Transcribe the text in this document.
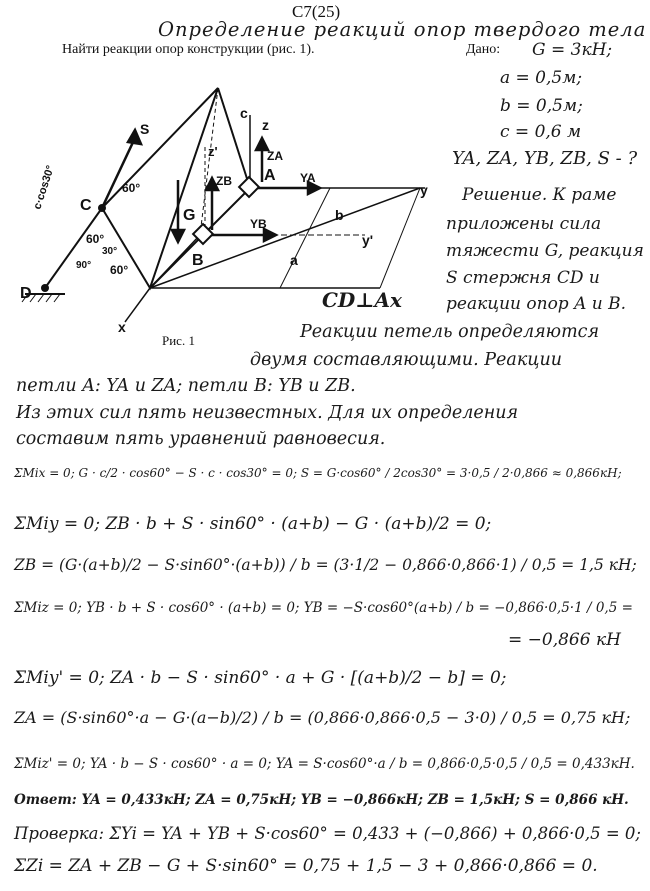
C7(25)
Определение реакций опор твердого тела
Найти реакции опор конструкции (рис. 1).	Дано: G = 3кН;
a = 0,5м;
b = 0,5м;
c = 0,6 м
YA, ZA, YB, ZB, S - ?
Решение. К раме
приложены сила
тяжести G, реакция
S стержня CD и
реакции опор A и B.
S
c
z
ZA
z'
ZB A YA
y
C
60°
G
B
YB
y'
b
a
60°
30°
90° 60°
D
x
c·cos30°
CD⊥Ax
Рис. 1	Реакции петель определяются
двумя составляющими. Реакции
петли A: YA и ZA; петли B: YB и ZB.
Из этих сил пять неизвестных. Для их определения
составим пять уравнений равновесия.
ΣMix = 0; G · c/2 · cos60° − S · c · cos30° = 0; S = G·cos60° / 2cos30° = 3·0,5 / 2·0,866 ≈ 0,866кН;
ΣMiy = 0; ZB · b + S · sin60° · (a+b) − G · (a+b)/2 = 0;
ZB = (G·(a+b)/2 − S·sin60°·(a+b)) / b = (3·1/2 − 0,866·0,866·1) / 0,5 = 1,5 кН;
ΣMiz = 0; YB · b + S · cos60° · (a+b) = 0; YB = −S·cos60°(a+b) / b = −0,866·0,5·1 / 0,5 =
= −0,866 кН
ΣMiy' = 0; ZA · b − S · sin60° · a + G · [(a+b)/2 − b] = 0;
ZA = (S·sin60°·a − G·(a−b)/2) / b = (0,866·0,866·0,5 − 3·0) / 0,5 = 0,75 кН;
ΣMiz' = 0; YA · b − S · cos60° · a = 0; YA = S·cos60°·a / b = 0,866·0,5·0,5 / 0,5 = 0,433кН.
Ответ: YA = 0,433кН; ZA = 0,75кН; YB = −0,866кН; ZB = 1,5кН; S = 0,866 кН.
Проверка: ΣYi = YA + YB + S·cos60° = 0,433 + (−0,866) + 0,866·0,5 = 0;
ΣZi = ZA + ZB − G + S·sin60° = 0,75 + 1,5 − 3 + 0,866·0,866 = 0.
